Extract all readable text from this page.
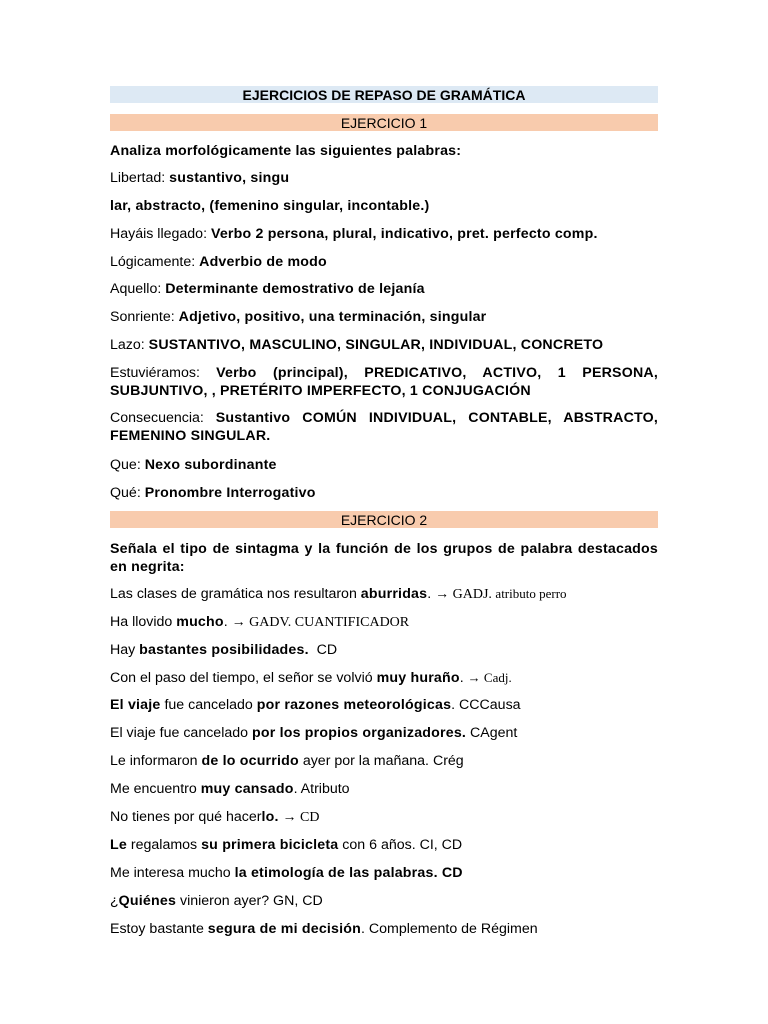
EJERCICIOS DE REPASO DE GRAMÁTICA
EJERCICIO 1
Analiza morfológicamente las siguientes palabras:
Libertad: sustantivo, singu
lar, abstracto, (femenino singular, incontable.)
Hayáis llegado: Verbo 2 persona, plural, indicativo, pret. perfecto comp.
Lógicamente: Adverbio de modo
Aquello: Determinante demostrativo de lejanía
Sonriente: Adjetivo, positivo, una terminación, singular
Lazo: SUSTANTIVO, MASCULINO, SINGULAR, INDIVIDUAL, CONCRETO
Estuviéramos: Verbo (principal), PREDICATIVO, ACTIVO, 1 PERSONA, SUBJUNTIVO, , PRETÉRITO IMPERFECTO, 1 CONJUGACIÓN
Consecuencia: Sustantivo COMÚN INDIVIDUAL, CONTABLE, ABSTRACTO, FEMENINO SINGULAR.
Que: Nexo subordinante
Qué: Pronombre Interrogativo
EJERCICIO 2
Señala el tipo de sintagma y la función de los grupos de palabra destacados en negrita:
Las clases de gramática nos resultaron aburridas. → GADJ. atributo perro
Ha llovido mucho. → GADV. CUANTIFICADOR
Hay bastantes posibilidades.  CD
Con el paso del tiempo, el señor se volvió muy huraño. → Cadj.
El viaje fue cancelado por razones meteorológicas. CCCausa
El viaje fue cancelado por los propios organizadores. CAgent
Le informaron de lo ocurrido ayer por la mañana. Crég
Me encuentro muy cansado. Atributo
No tienes por qué hacerlo. → CD
Le regalamos su primera bicicleta con 6 años. CI, CD
Me interesa mucho la etimología de las palabras. CD
¿Quiénes vinieron ayer? GN, CD
Estoy bastante segura de mi decisión. Complemento de Régimen
